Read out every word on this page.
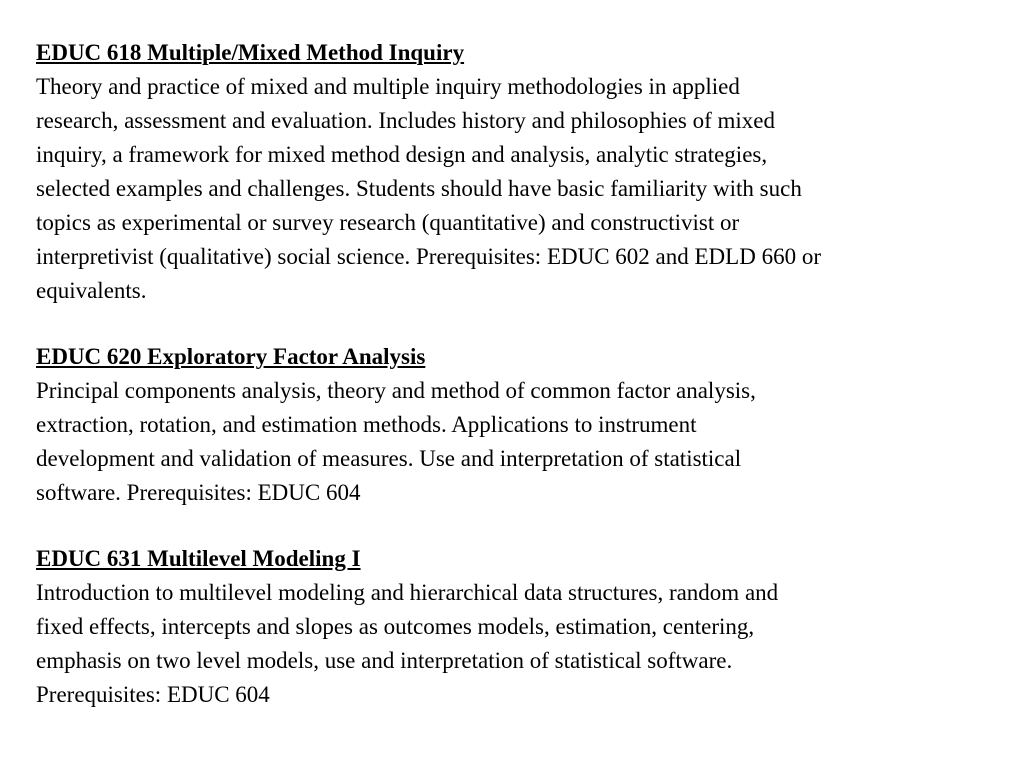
EDUC 618 Multiple/Mixed Method Inquiry
Theory and practice of mixed and multiple inquiry methodologies in applied
research, assessment and evaluation. Includes history and philosophies of mixed
inquiry, a framework for mixed method design and analysis, analytic strategies,
selected examples and challenges. Students should have basic familiarity with such
topics as experimental or survey research (quantitative) and constructivist or
interpretivist (qualitative) social science. Prerequisites: EDUC 602 and EDLD 660 or
equivalents.
EDUC 620 Exploratory Factor Analysis
Principal components analysis, theory and method of common factor analysis,
extraction, rotation, and estimation methods. Applications to instrument
development and validation of measures. Use and interpretation of statistical
software. Prerequisites: EDUC 604
EDUC 631 Multilevel Modeling I
Introduction to multilevel modeling and hierarchical data structures, random and
fixed effects, intercepts and slopes as outcomes models, estimation, centering,
emphasis on two level models, use and interpretation of statistical software.
Prerequisites: EDUC 604
